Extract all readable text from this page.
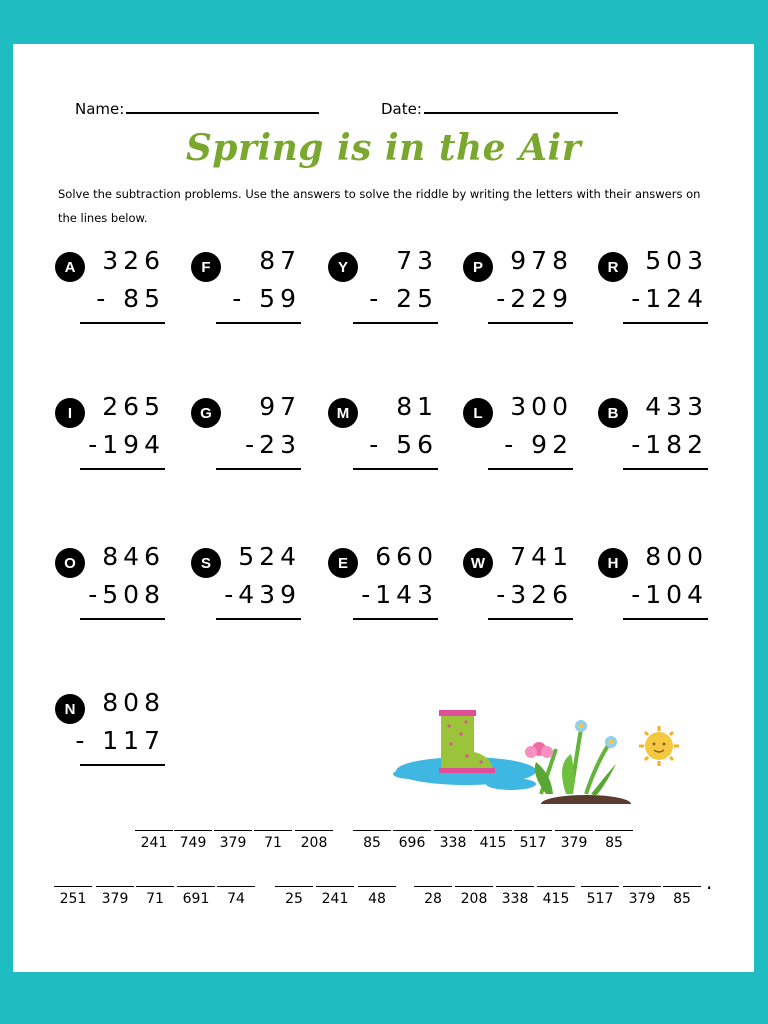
Name:	Date:
Spring is in the Air
Solve the subtraction problems. Use the answers to solve the riddle by writing the letters with their answers on the lines below.
A	326
- 85
F	87
- 59
Y	73
- 25
P	978
-229
R	503
-124
I	265
-194
G	97
-23
M	81
- 56
L	300
- 92
B	433
-182
O	846
-508
S	524
-439
E	660
-143
W	741
-326
H	800
-104
N	808
- 117
241 749 379	71	208	85	696	338 415 517	379	85
251	379	71	691	74	25	241	48	28	208	338	415	517	379	85
.
